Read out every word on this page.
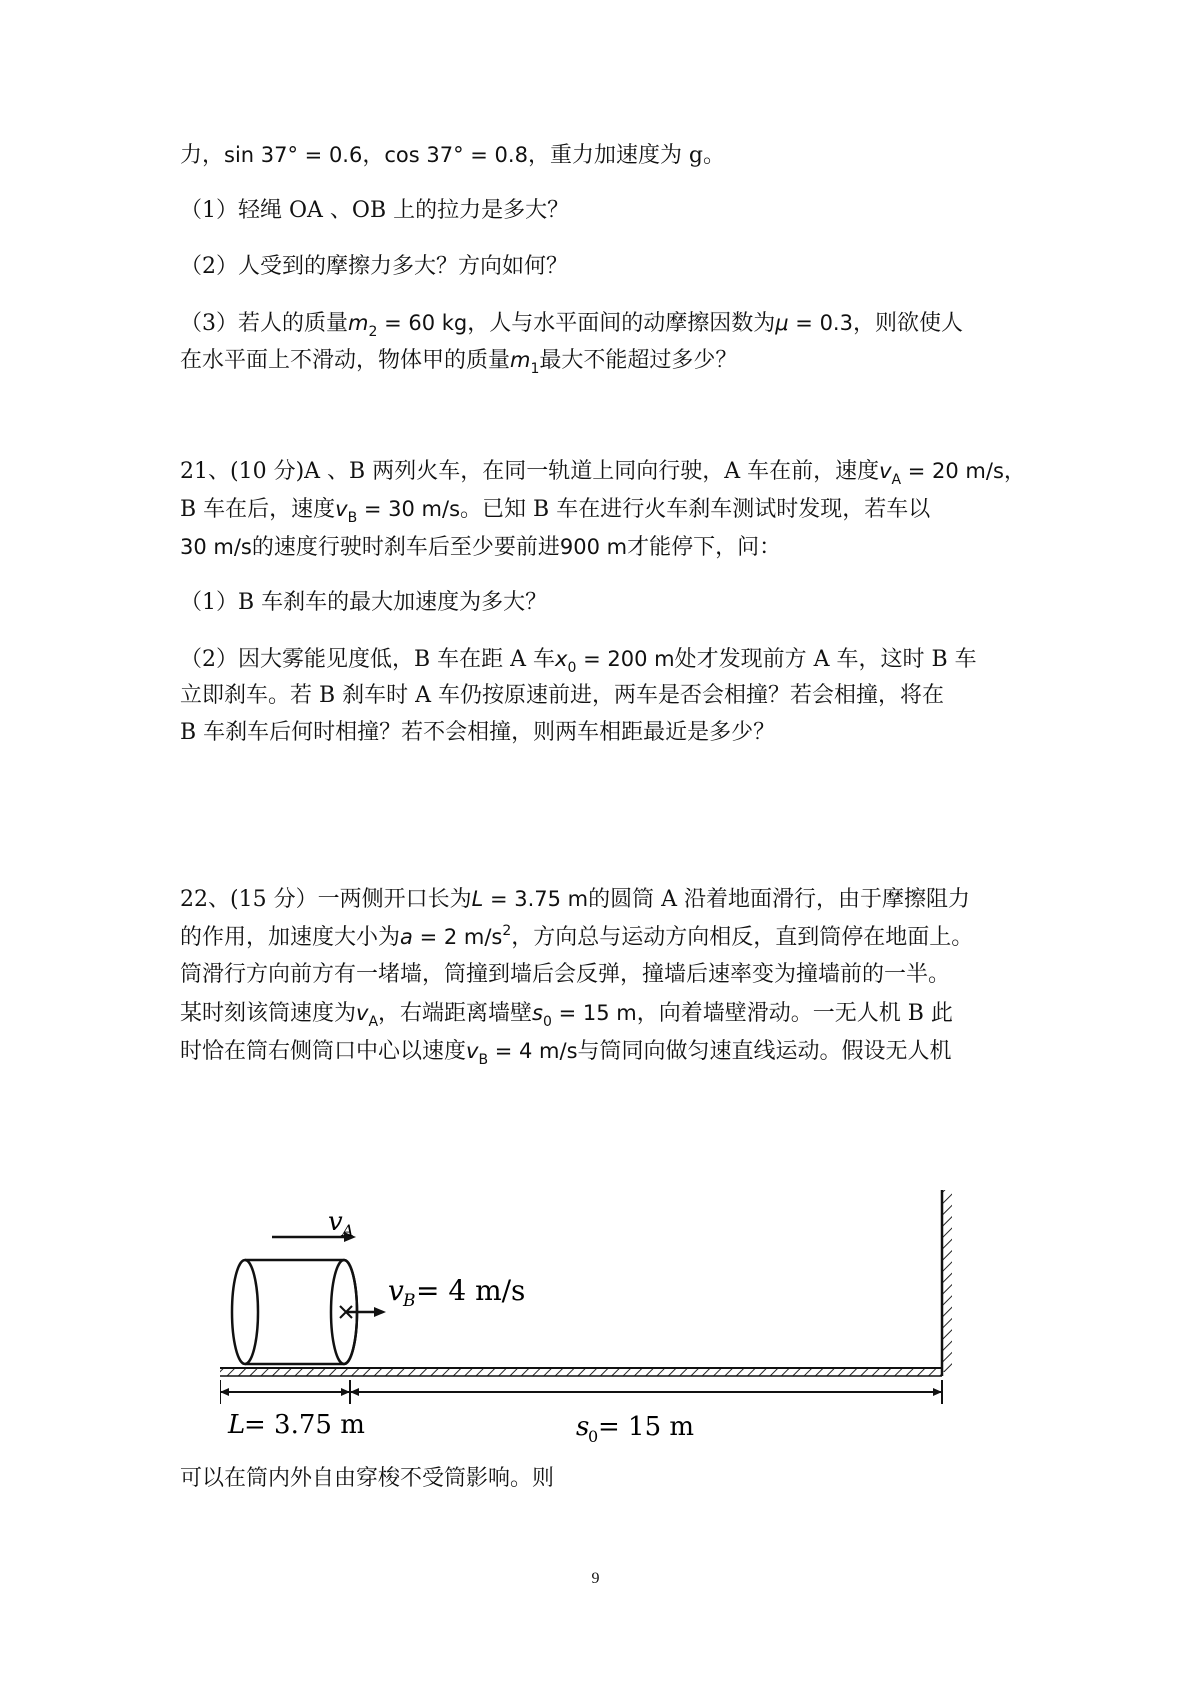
力，sin 37° = 0.6，cos 37° = 0.8，重力加速度为 g。
（1）轻绳 OA 、OB 上的拉力是多大？
（2）人受到的摩擦力多大？方向如何？
（3）若人的质量$m_2 = 60$ kg，人与水平面间的动摩擦因数为μ = 0.3，则欲使人
在水平面上不滑动，物体甲的质量$m_1$最大不能超过多少？
21、(10 分)A 、B 两列火车，在同一轨道上同向行驶，A 车在前，速度$v_A = 20$ m/s，
B 车在后，速度$v_B = 30$ m/s。已知 B 车在进行火车刹车测试时发现，若车以
30 m/s的速度行驶时刹车后至少要前进900 m才能停下，问：
（1）B 车刹车的最大加速度为多大？
（2）因大雾能见度低，B 车在距 A 车$x_0 = 200$ m处才发现前方 A 车，这时 B 车
立即刹车。若 B 刹车时 A 车仍按原速前进，两车是否会相撞？若会相撞，将在
B 车刹车后何时相撞？若不会相撞，则两车相距最近是多少？
22、(15 分）一两侧开口长为L = 3.75 m的圆筒 A 沿着地面滑行，由于摩擦阻力
的作用，加速度大小为a = 2 $m/s^2$，方向总与运动方向相反，直到筒停在地面上。
筒滑行方向前方有一堵墙，筒撞到墙后会反弹，撞墙后速率变为撞墙前的一半。
某时刻该筒速度为$v_A$，右端距离墙壁$s_0 = 15$ m，向着墙壁滑动。一无人机 B 此
时恰在筒右侧筒口中心以速度$v_B = 4$ m/s与筒同向做匀速直线运动。假设无人机
v A
v B = 4 m/s
L
= 3.75 m	s
0 = 15 m
可以在筒内外自由穿梭不受筒影响。则
9
